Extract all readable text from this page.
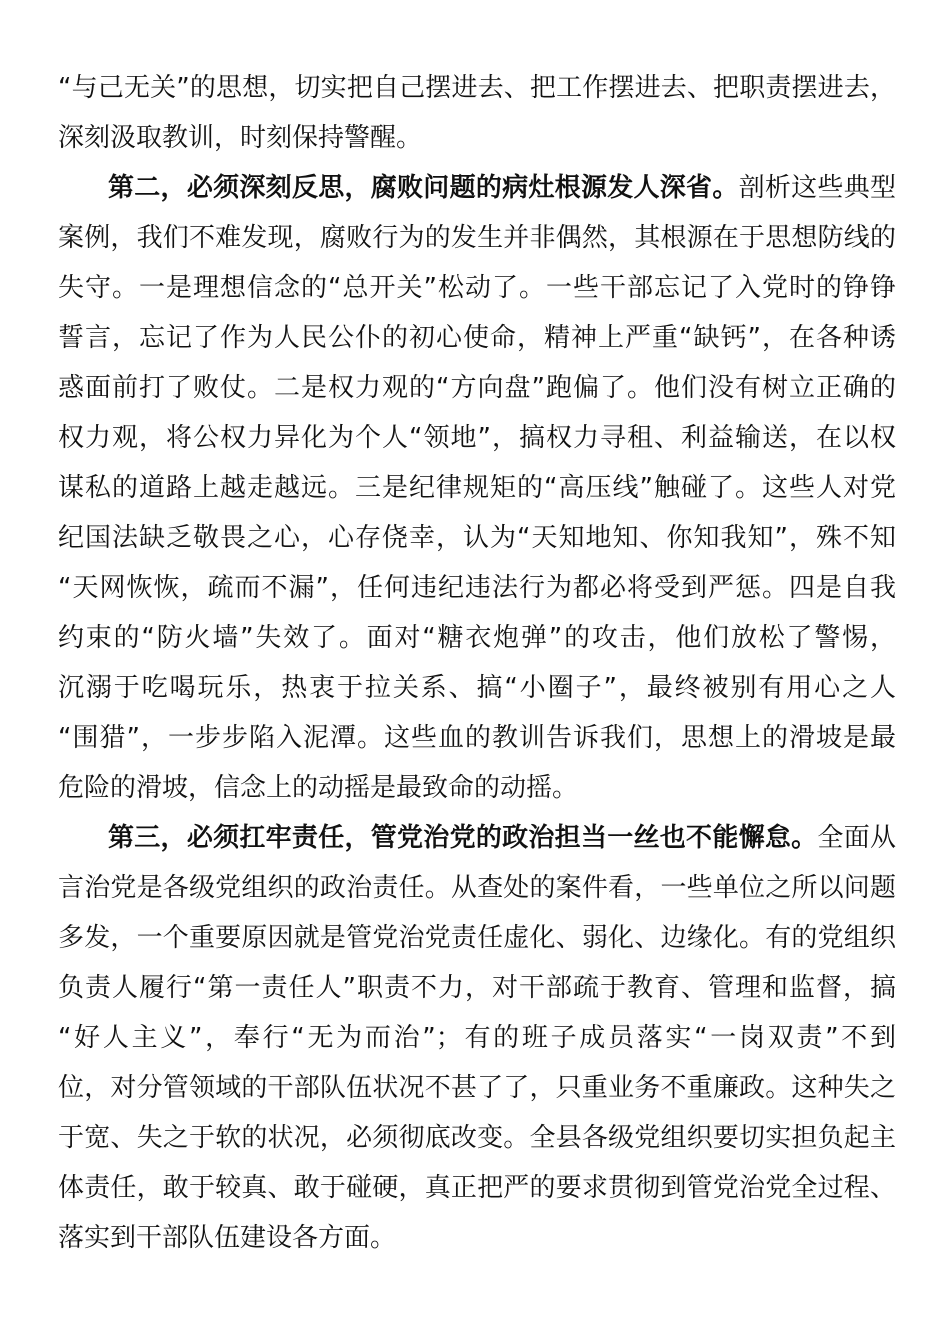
“与己无关”的思想，切实把自己摆进去、把工作摆进去、把职责摆进去，
深刻汲取教训，时刻保持警醒。
第二，必须深刻反思，腐败问题的病灶根源发人深省。剖析这些典型
案例，我们不难发现，腐败行为的发生并非偶然，其根源在于思想防线的
失守。一是理想信念的“总开关”松动了。一些干部忘记了入党时的铮铮
誓言，忘记了作为人民公仆的初心使命，精神上严重“缺钙”，在各种诱
惑面前打了败仗。二是权力观的“方向盘”跑偏了。他们没有树立正确的
权力观，将公权力异化为个人“领地”，搞权力寻租、利益输送，在以权
谋私的道路上越走越远。三是纪律规矩的“高压线”触碰了。这些人对党
纪国法缺乏敬畏之心，心存侥幸，认为“天知地知、你知我知”，殊不知
“天网恢恢，疏而不漏”，任何违纪违法行为都必将受到严惩。四是自我
约束的“防火墙”失效了。面对“糖衣炮弹”的攻击，他们放松了警惕，
沉溺于吃喝玩乐，热衷于拉关系、搞“小圈子”，最终被别有用心之人
“围猎”，一步步陷入泥潭。这些血的教训告诉我们，思想上的滑坡是最
危险的滑坡，信念上的动摇是最致命的动摇。
第三，必须扛牢责任，管党治党的政治担当一丝也不能懈怠。全面从
言治党是各级党组织的政治责任。从查处的案件看，一些单位之所以问题
多发，一个重要原因就是管党治党责任虚化、弱化、边缘化。有的党组织
负责人履行“第一责任人”职责不力，对干部疏于教育、管理和监督，搞
“好人主义”，奉行“无为而治”；有的班子成员落实“一岗双责”不到
位，对分管领域的干部队伍状况不甚了了，只重业务不重廉政。这种失之
于宽、失之于软的状况，必须彻底改变。全县各级党组织要切实担负起主
体责任，敢于较真、敢于碰硬，真正把严的要求贯彻到管党治党全过程、
落实到干部队伍建设各方面。
